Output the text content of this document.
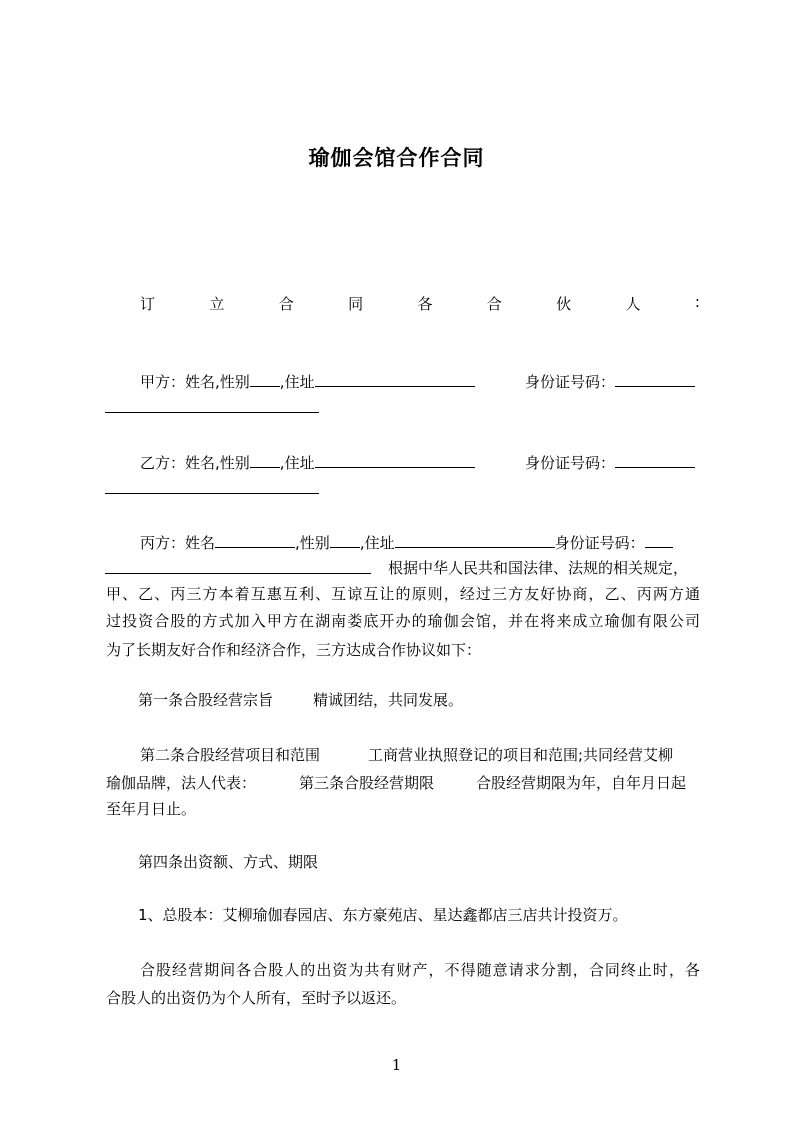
瑜伽会馆合作合同
订	立	合	同	各	合	伙	人	:
甲方：姓名,性别 ,住址	身份证号码：
乙方：姓名,性别 ,住址	身份证号码：
丙方：姓名	,性别 ,住址	身份证号码：
根据中华人民共和国法律、法规的相关规定，
甲、乙、丙三方本着互惠互利、互谅互让的原则，经过三方友好协商，乙、丙两方通
过投资合股的方式加入甲方在湖南娄底开办的瑜伽会馆，并在将来成立瑜伽有限公司
为了长期友好合作和经济合作，三方达成合作协议如下：
第一条合股经营宗旨	精诚团结，共同发展。
第二条合股经营项目和范围	工商营业执照登记的项目和范围;共同经营艾柳
瑜伽品牌，法人代表：	第三条合股经营期限	合股经营期限为年，自年月日起
至年月日止。
第四条出资额、方式、期限
1、总股本：艾柳瑜伽春园店、东方豪苑店、星达鑫都店三店共计投资万。
合股经营期间各合股人的出资为共有财产，不得随意请求分割，合同终止时，各
合股人的出资仍为个人所有，至时予以返还。
1
